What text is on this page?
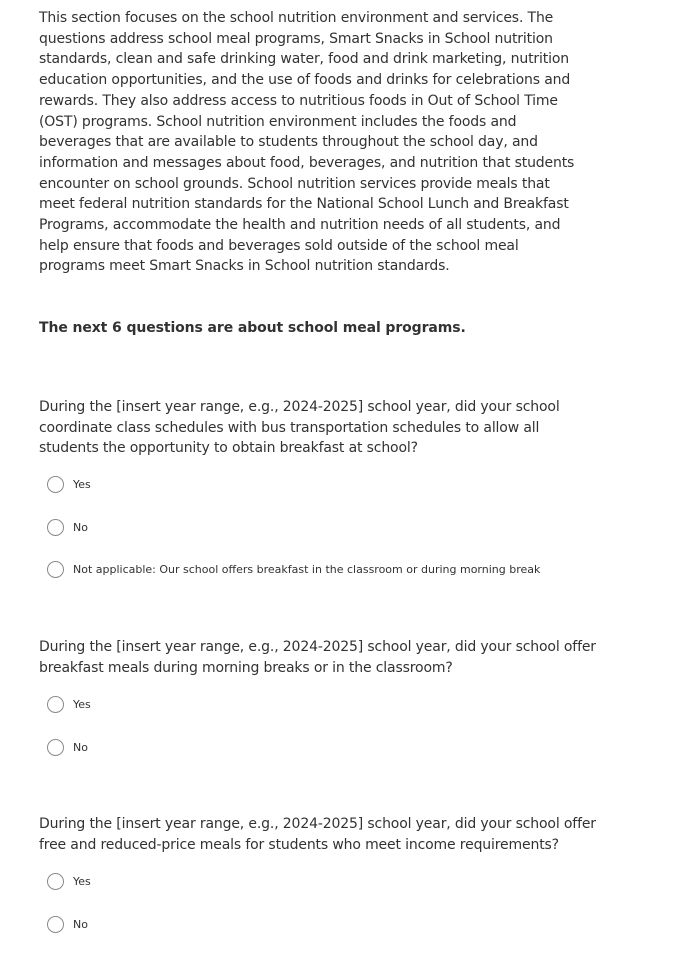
This section focuses on the school nutrition environment and services. The questions address school meal programs, Smart Snacks in School nutrition standards, clean and safe drinking water, food and drink marketing, nutrition education opportunities, and the use of foods and drinks for celebrations and rewards. They also address access to nutritious foods in Out of School Time (OST) programs. School nutrition environment includes the foods and beverages that are available to students throughout the school day, and information and messages about food, beverages, and nutrition that students encounter on school grounds. School nutrition services provide meals that meet federal nutrition standards for the National School Lunch and Breakfast Programs, accommodate the health and nutrition needs of all students, and help ensure that foods and beverages sold outside of the school meal programs meet Smart Snacks in School nutrition standards.

The next 6 questions are about school meal programs.

During the [insert year range, e.g., 2024-2025] school year, did your school coordinate class schedules with bus transportation schedules to allow all students the opportunity to obtain breakfast at school?

Yes
No
Not applicable: Our school offers breakfast in the classroom or during morning break

During the [insert year range, e.g., 2024-2025] school year, did your school offer breakfast meals during morning breaks or in the classroom?

Yes
No

During the [insert year range, e.g., 2024-2025] school year, did your school offer free and reduced-price meals for students who meet income requirements?

Yes
No
